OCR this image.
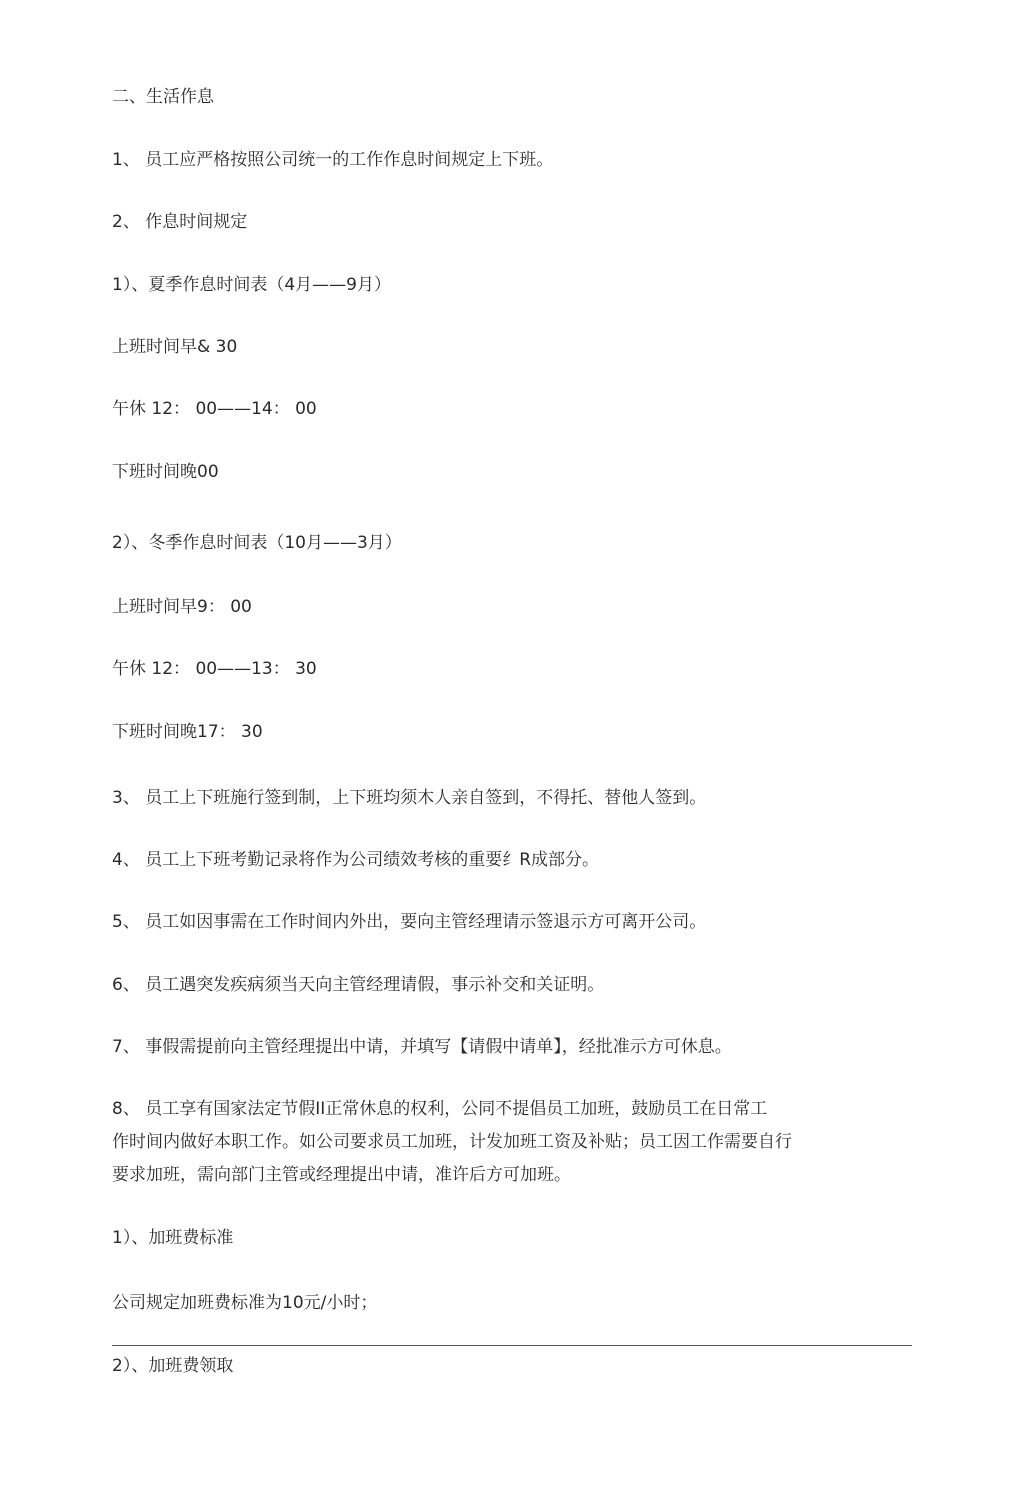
二、生活作息
1、 员工应严格按照公司统一的工作作息时间规定上下班。
2、 作息时间规定
1）、夏季作息时间表（4月——9月）
上班时间早& 30
午休 12： 00——14： 00
下班时间晚00
2）、冬季作息时间表（10月——3月）
上班时间早9： 00
午休 12： 00——13： 30
下班时间晚17： 30
3、 员工上下班施行签到制，上下班均须木人亲自签到，不得托、替他人签到。
4、 员工上下班考勤记录将作为公司绩效考核的重要纟R成部分。
5、 员工如因事需在工作时间内外出，要向主管经理请示签退示方可离开公司。
6、 员工遇突发疾病须当天向主管经理请假，事示补交和关证明。
7、 事假需提前向主管经理提出中请，并填写【请假中请单】，经批准示方可休息。
8、 员工享有国家法定节假II正常休息的权利，公同不提倡员工加班，鼓励员工在日常工
作时间内做好本职工作。如公司要求员工加班，计发加班工资及补贴；员工因工作需要自行
要求加班，需向部门主管或经理提出中请，准许后方可加班。
1）、加班费标准
公司规定加班费标准为10元/小时；
2）、加班费领取
